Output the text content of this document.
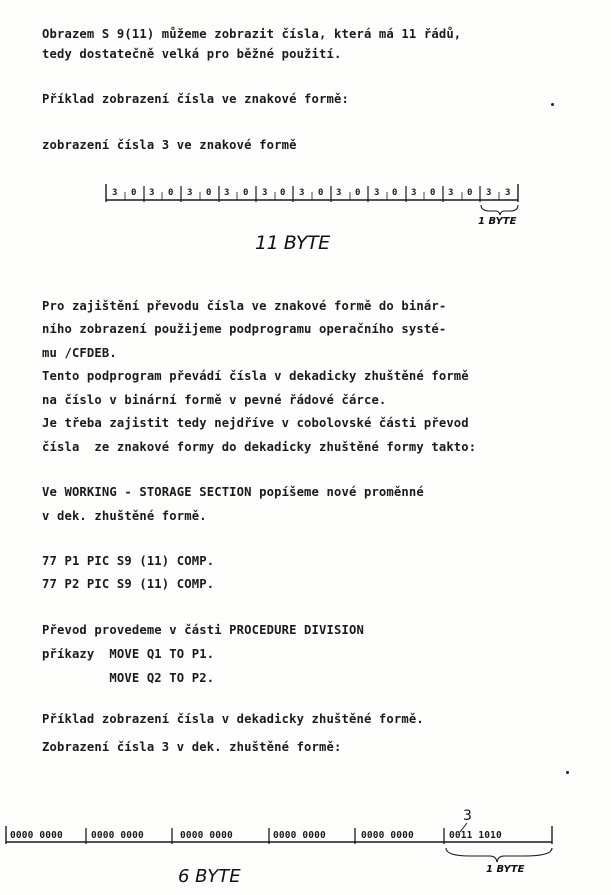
Obrazem S 9(11) můžeme zobrazit čísla, která má 11 řádů,
tedy dostatečně velká pro běžné použití.
Příklad zobrazení čísla ve znakové formě:
zobrazení čísla 3 ve znakové formě
3 0 3 0 3 0 3 0 3 0 3 0 3 0 3 0 3 0 3 0 3 3
1 BYTE
11 BYTE
Pro zajištění převodu čísla ve znakové formě do binár-
ního zobrazení použijeme podprogramu operačního systé-
mu /CFDEB.
Tento podprogram převádí čísla v dekadicky zhuštěné formě
na číslo v binární formě v pevné řádové čárce.
Je třeba zajistit tedy nejdříve v cobolovské části převod
čísla  ze znakové formy do dekadicky zhuštěné formy takto:
Ve WORKING - STORAGE SECTION popíšeme nové proměnné
v dek. zhuštěné formě.
77 P1 PIC S9 (11) COMP.
77 P2 PIC S9 (11) COMP.
Převod provedeme v části PROCEDURE DIVISION
příkazy  MOVE Q1 TO P1.
MOVE Q2 TO P2.
Příklad zobrazení čísla v dekadicky zhuštěné formě.
Zobrazení čísla 3 v dek. zhuštěné formě:
0000 0000	0000 0000	0000 0000	0000 0000	0000 0000	0011 1010
3
1 BYTE
6 BYTE
